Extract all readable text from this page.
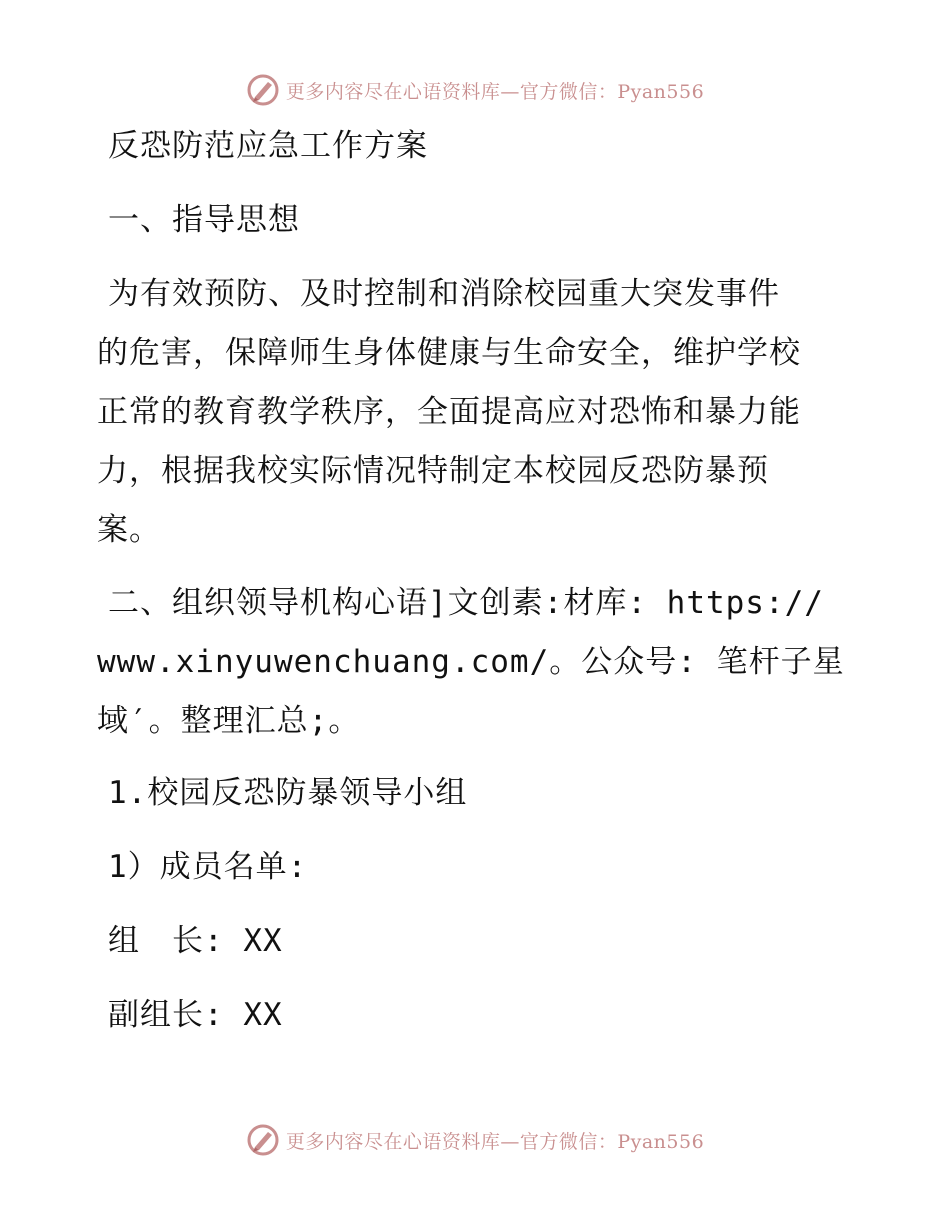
更多内容尽在心语资料库—官方微信：Pyan556
反恐防范应急工作方案
一、指导思想
为有效预防、及时控制和消除校园重大突发事件
的危害，保障师生身体健康与生命安全，维护学校
正常的教育教学秩序，全面提高应对恐怖和暴力能
力，根据我校实际情况特制定本校园反恐防暴预
案。
二、组织领导机构心语]文创素:材库: https://
www.xinyuwenchuang.com/。公众号: 笔杆子星
域′。整理汇总;。
1.校园反恐防暴领导小组
1）成员名单:
组　长: XX
副组长: XX
更多内容尽在心语资料库—官方微信：Pyan556
